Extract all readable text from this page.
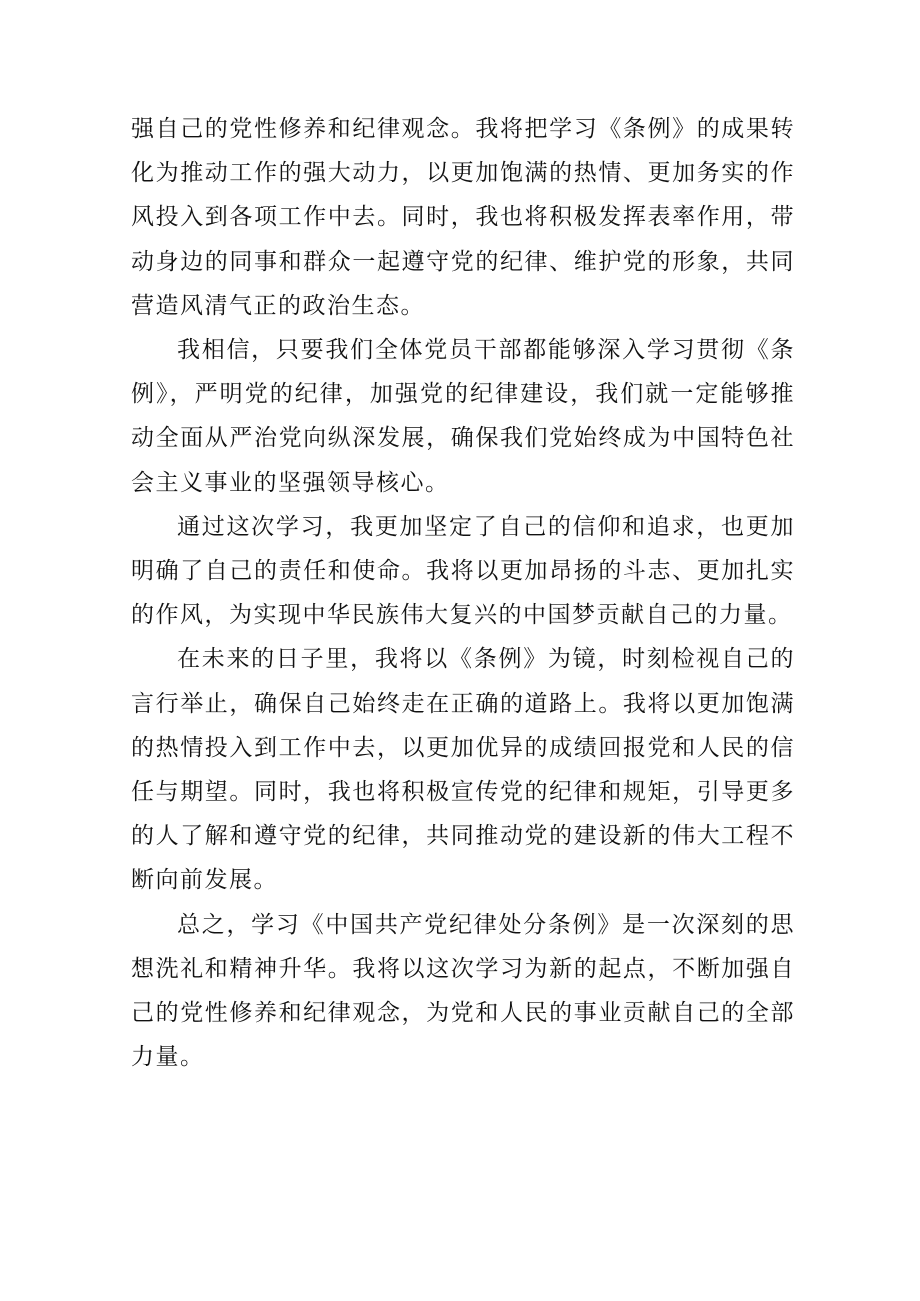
强自己的党性修养和纪律观念。我将把学习《条例》的成果转化为推动工作的强大动力，以更加饱满的热情、更加务实的作风投入到各项工作中去。同时，我也将积极发挥表率作用，带动身边的同事和群众一起遵守党的纪律、维护党的形象，共同营造风清气正的政治生态。

我相信，只要我们全体党员干部都能够深入学习贯彻《条例》，严明党的纪律，加强党的纪律建设，我们就一定能够推动全面从严治党向纵深发展，确保我们党始终成为中国特色社会主义事业的坚强领导核心。

通过这次学习，我更加坚定了自己的信仰和追求，也更加明确了自己的责任和使命。我将以更加昂扬的斗志、更加扎实的作风，为实现中华民族伟大复兴的中国梦贡献自己的力量。

在未来的日子里，我将以《条例》为镜，时刻检视自己的言行举止，确保自己始终走在正确的道路上。我将以更加饱满的热情投入到工作中去，以更加优异的成绩回报党和人民的信任与期望。同时，我也将积极宣传党的纪律和规矩，引导更多的人了解和遵守党的纪律，共同推动党的建设新的伟大工程不断向前发展。

总之，学习《中国共产党纪律处分条例》是一次深刻的思想洗礼和精神升华。我将以这次学习为新的起点，不断加强自己的党性修养和纪律观念，为党和人民的事业贡献自己的全部力量。
